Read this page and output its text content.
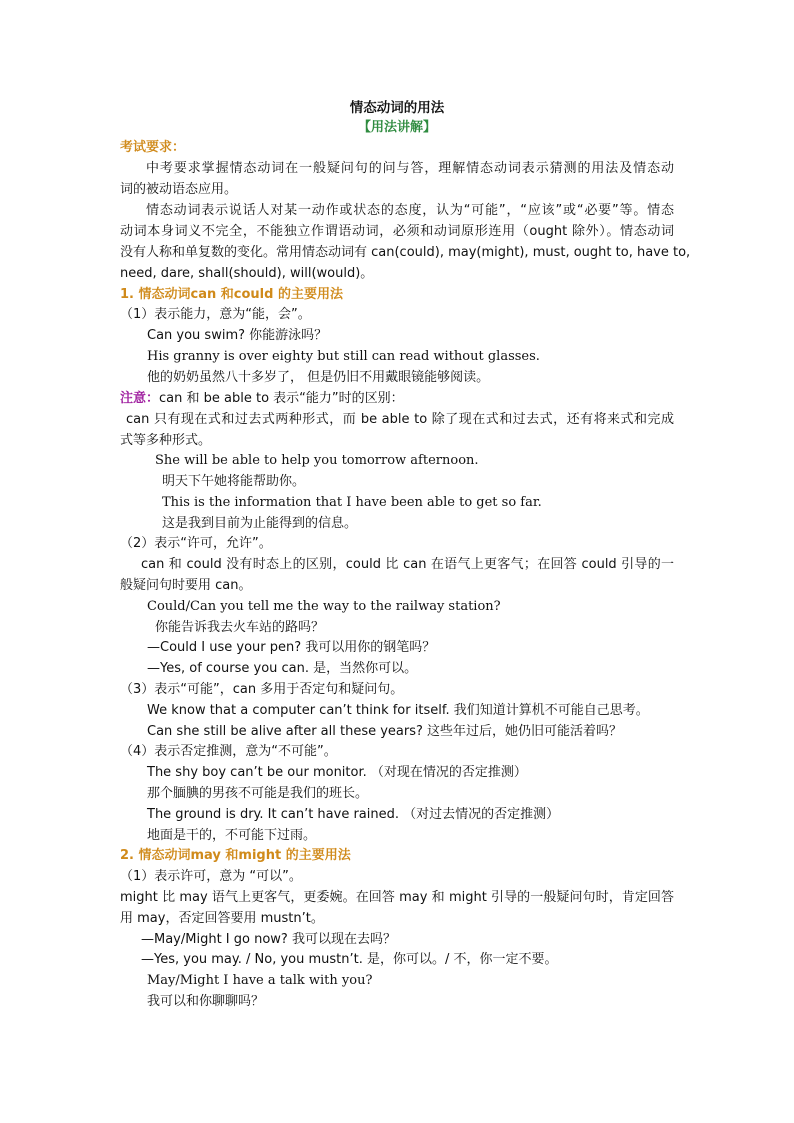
情态动词的用法
【用法讲解】
考试要求：
中考要求掌握情态动词在一般疑问句的问与答，理解情态动词表示猜测的用法及情态动
词的被动语态应用。
情态动词表示说话人对某一动作或状态的态度，认为“可能”，“应该”或“必要”等。情态
动词本身词义不完全，不能独立作谓语动词，必须和动词原形连用（ought 除外）。情态动词
没有人称和单复数的变化。常用情态动词有 can(could), may(might), must, ought to, have to,
need, dare, shall(should), will(would)。
1. 情态动词can 和could 的主要用法
（1）表示能力，意为“能，会”。
Can you swim? 你能游泳吗？
His granny is over eighty but still can read without glasses.
他的奶奶虽然八十多岁了， 但是仍旧不用戴眼镜能够阅读。
注意：can 和 be able to 表示“能力”时的区别：
can 只有现在式和过去式两种形式，而 be able to 除了现在式和过去式，还有将来式和完成
式等多种形式。
She will be able to help you tomorrow afternoon.
明天下午她将能帮助你。
This is the information that I have been able to get so far.
这是我到目前为止能得到的信息。
（2）表示“许可，允许”。
can 和 could 没有时态上的区别，could 比 can 在语气上更客气；在回答 could 引导的一
般疑问句时要用 can。
Could/Can you tell me the way to the railway station?
你能告诉我去火车站的路吗？
—Could I use your pen? 我可以用你的钢笔吗？
—Yes, of course you can. 是，当然你可以。
（3）表示“可能”，can 多用于否定句和疑问句。
We know that a computer can’t think for itself. 我们知道计算机不可能自己思考。
Can she still be alive after all these years? 这些年过后，她仍旧可能活着吗？
（4）表示否定推测，意为“不可能”。
The shy boy can’t be our monitor. （对现在情况的否定推测）
那个腼腆的男孩不可能是我们的班长。
The ground is dry. It can’t have rained. （对过去情况的否定推测）
地面是干的，不可能下过雨。
2. 情态动词may 和might 的主要用法
（1）表示许可，意为 “可以”。
might 比 may 语气上更客气，更委婉。在回答 may 和 might 引导的一般疑问句时，肯定回答
用 may，否定回答要用 mustn’t。
—May/Might I go now? 我可以现在去吗？
—Yes, you may. / No, you mustn’t. 是，你可以。/ 不，你一定不要。
May/Might I have a talk with you?
我可以和你聊聊吗？
